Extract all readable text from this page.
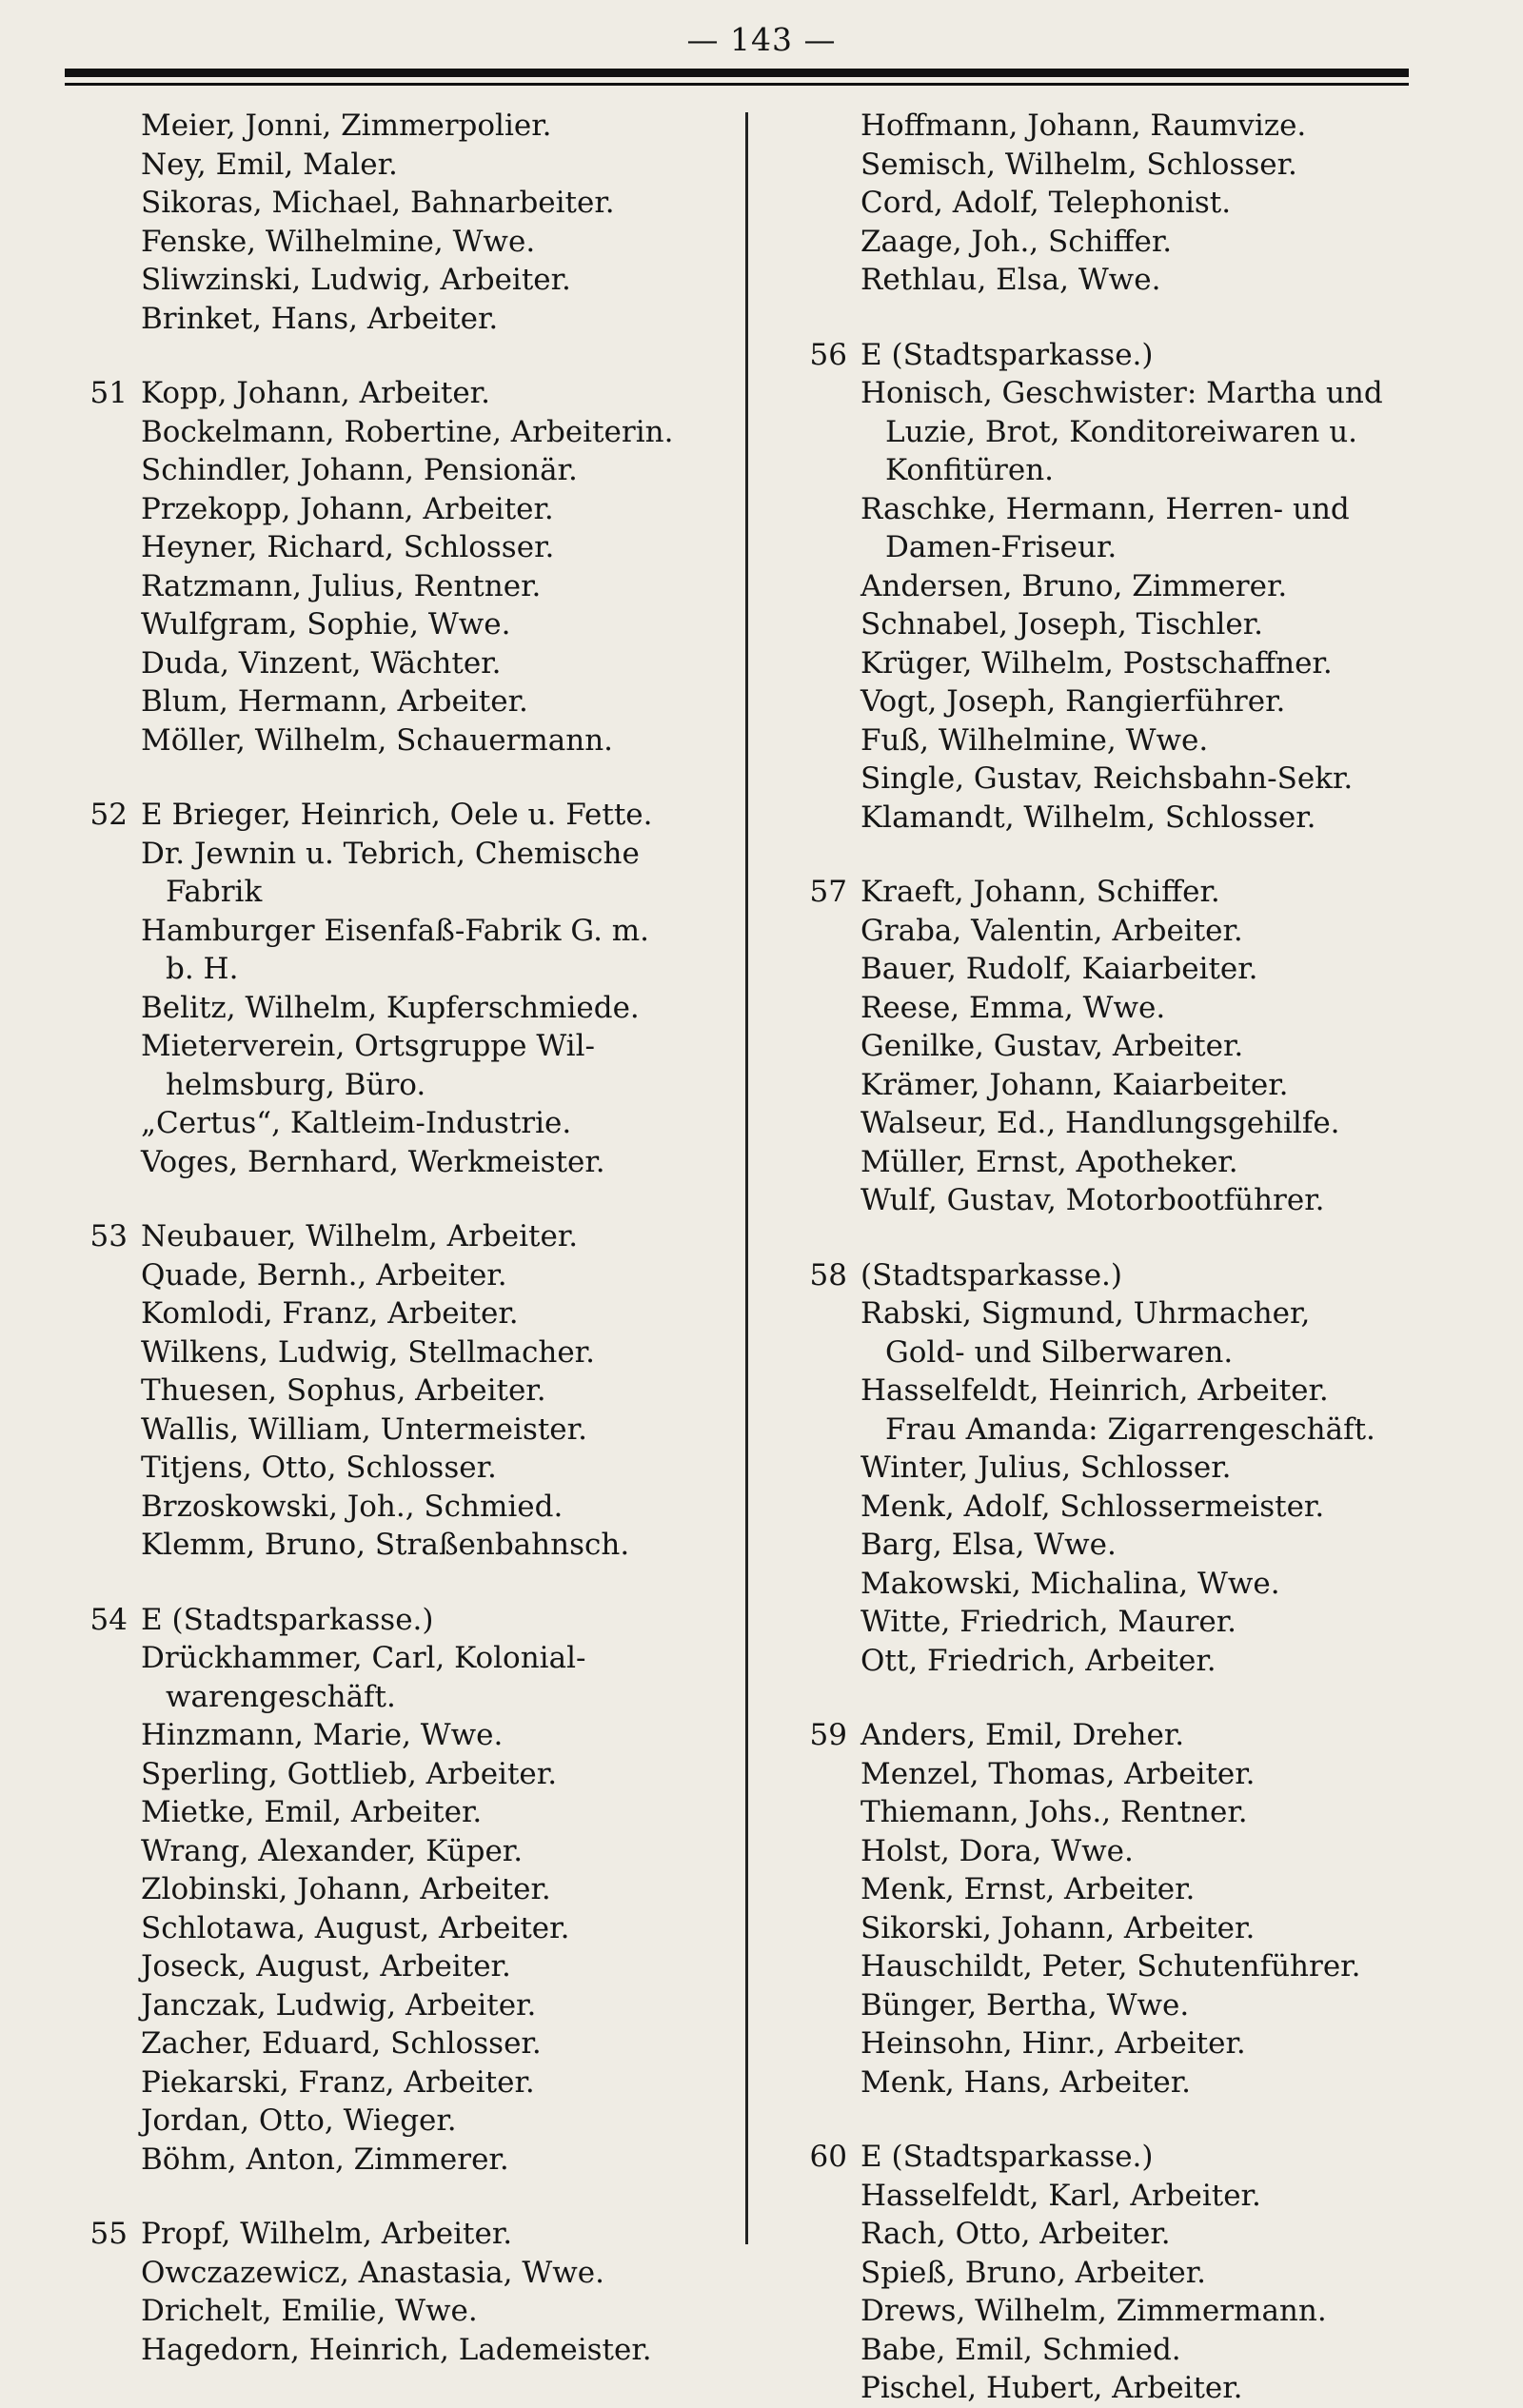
— 143 —
Meier, Jonni, Zimmerpolier.
Ney, Emil, Maler.
Sikoras, Michael, Bahnarbeiter.
Fenske, Wilhelmine, Wwe.
Sliwzinski, Ludwig, Arbeiter.
Brinket, Hans, Arbeiter.
51 Kopp, Johann, Arbeiter.
Bockelmann, Robertine, Arbeiterin.
Schindler, Johann, Pensionär.
Przekopp, Johann, Arbeiter.
Heyner, Richard, Schlosser.
Ratzmann, Julius, Rentner.
Wulfgram, Sophie, Wwe.
Duda, Vinzent, Wächter.
Blum, Hermann, Arbeiter.
Möller, Wilhelm, Schauermann.
52 E Brieger, Heinrich, Oele u. Fette.
Dr. Jewnin u. Tebrich, Chemische
Fabrik
Hamburger Eisenfaß-Fabrik G. m.
b. H.
Belitz, Wilhelm, Kupferschmiede.
Mieterverein, Ortsgruppe Wil-
helmsburg, Büro.
„Certus“, Kaltleim-Industrie.
Voges, Bernhard, Werkmeister.
53 Neubauer, Wilhelm, Arbeiter.
Quade, Bernh., Arbeiter.
Komlodi, Franz, Arbeiter.
Wilkens, Ludwig, Stellmacher.
Thuesen, Sophus, Arbeiter.
Wallis, William, Untermeister.
Titjens, Otto, Schlosser.
Brzoskowski, Joh., Schmied.
Klemm, Bruno, Straßenbahnsch.
54 E (Stadtsparkasse.)
Drückhammer, Carl, Kolonial-
warengeschäft.
Hinzmann, Marie, Wwe.
Sperling, Gottlieb, Arbeiter.
Mietke, Emil, Arbeiter.
Wrang, Alexander, Küper.
Zlobinski, Johann, Arbeiter.
Schlotawa, August, Arbeiter.
Joseck, August, Arbeiter.
Janczak, Ludwig, Arbeiter.
Zacher, Eduard, Schlosser.
Piekarski, Franz, Arbeiter.
Jordan, Otto, Wieger.
Böhm, Anton, Zimmerer.
55 Propf, Wilhelm, Arbeiter.
Owczazewicz, Anastasia, Wwe.
Drichelt, Emilie, Wwe.
Hagedorn, Heinrich, Lademeister.
Hoffmann, Johann, Raumvize.
Semisch, Wilhelm, Schlosser.
Cord, Adolf, Telephonist.
Zaage, Joh., Schiffer.
Rethlau, Elsa, Wwe.
56 E (Stadtsparkasse.)
Honisch, Geschwister: Martha und
Luzie, Brot, Konditoreiwaren u.
Konfitüren.
Raschke, Hermann, Herren- und
Damen-Friseur.
Andersen, Bruno, Zimmerer.
Schnabel, Joseph, Tischler.
Krüger, Wilhelm, Postschaffner.
Vogt, Joseph, Rangierführer.
Fuß, Wilhelmine, Wwe.
Single, Gustav, Reichsbahn-Sekr.
Klamandt, Wilhelm, Schlosser.
57 Kraeft, Johann, Schiffer.
Graba, Valentin, Arbeiter.
Bauer, Rudolf, Kaiarbeiter.
Reese, Emma, Wwe.
Genilke, Gustav, Arbeiter.
Krämer, Johann, Kaiarbeiter.
Walseur, Ed., Handlungsgehilfe.
Müller, Ernst, Apotheker.
Wulf, Gustav, Motorbootführer.
58 (Stadtsparkasse.)
Rabski, Sigmund, Uhrmacher,
Gold- und Silberwaren.
Hasselfeldt, Heinrich, Arbeiter.
Frau Amanda: Zigarrengeschäft.
Winter, Julius, Schlosser.
Menk, Adolf, Schlossermeister.
Barg, Elsa, Wwe.
Makowski, Michalina, Wwe.
Witte, Friedrich, Maurer.
Ott, Friedrich, Arbeiter.
59 Anders, Emil, Dreher.
Menzel, Thomas, Arbeiter.
Thiemann, Johs., Rentner.
Holst, Dora, Wwe.
Menk, Ernst, Arbeiter.
Sikorski, Johann, Arbeiter.
Hauschildt, Peter, Schutenführer.
Bünger, Bertha, Wwe.
Heinsohn, Hinr., Arbeiter.
Menk, Hans, Arbeiter.
60 E (Stadtsparkasse.)
Hasselfeldt, Karl, Arbeiter.
Rach, Otto, Arbeiter.
Spieß, Bruno, Arbeiter.
Drews, Wilhelm, Zimmermann.
Babe, Emil, Schmied.
Pischel, Hubert, Arbeiter.
